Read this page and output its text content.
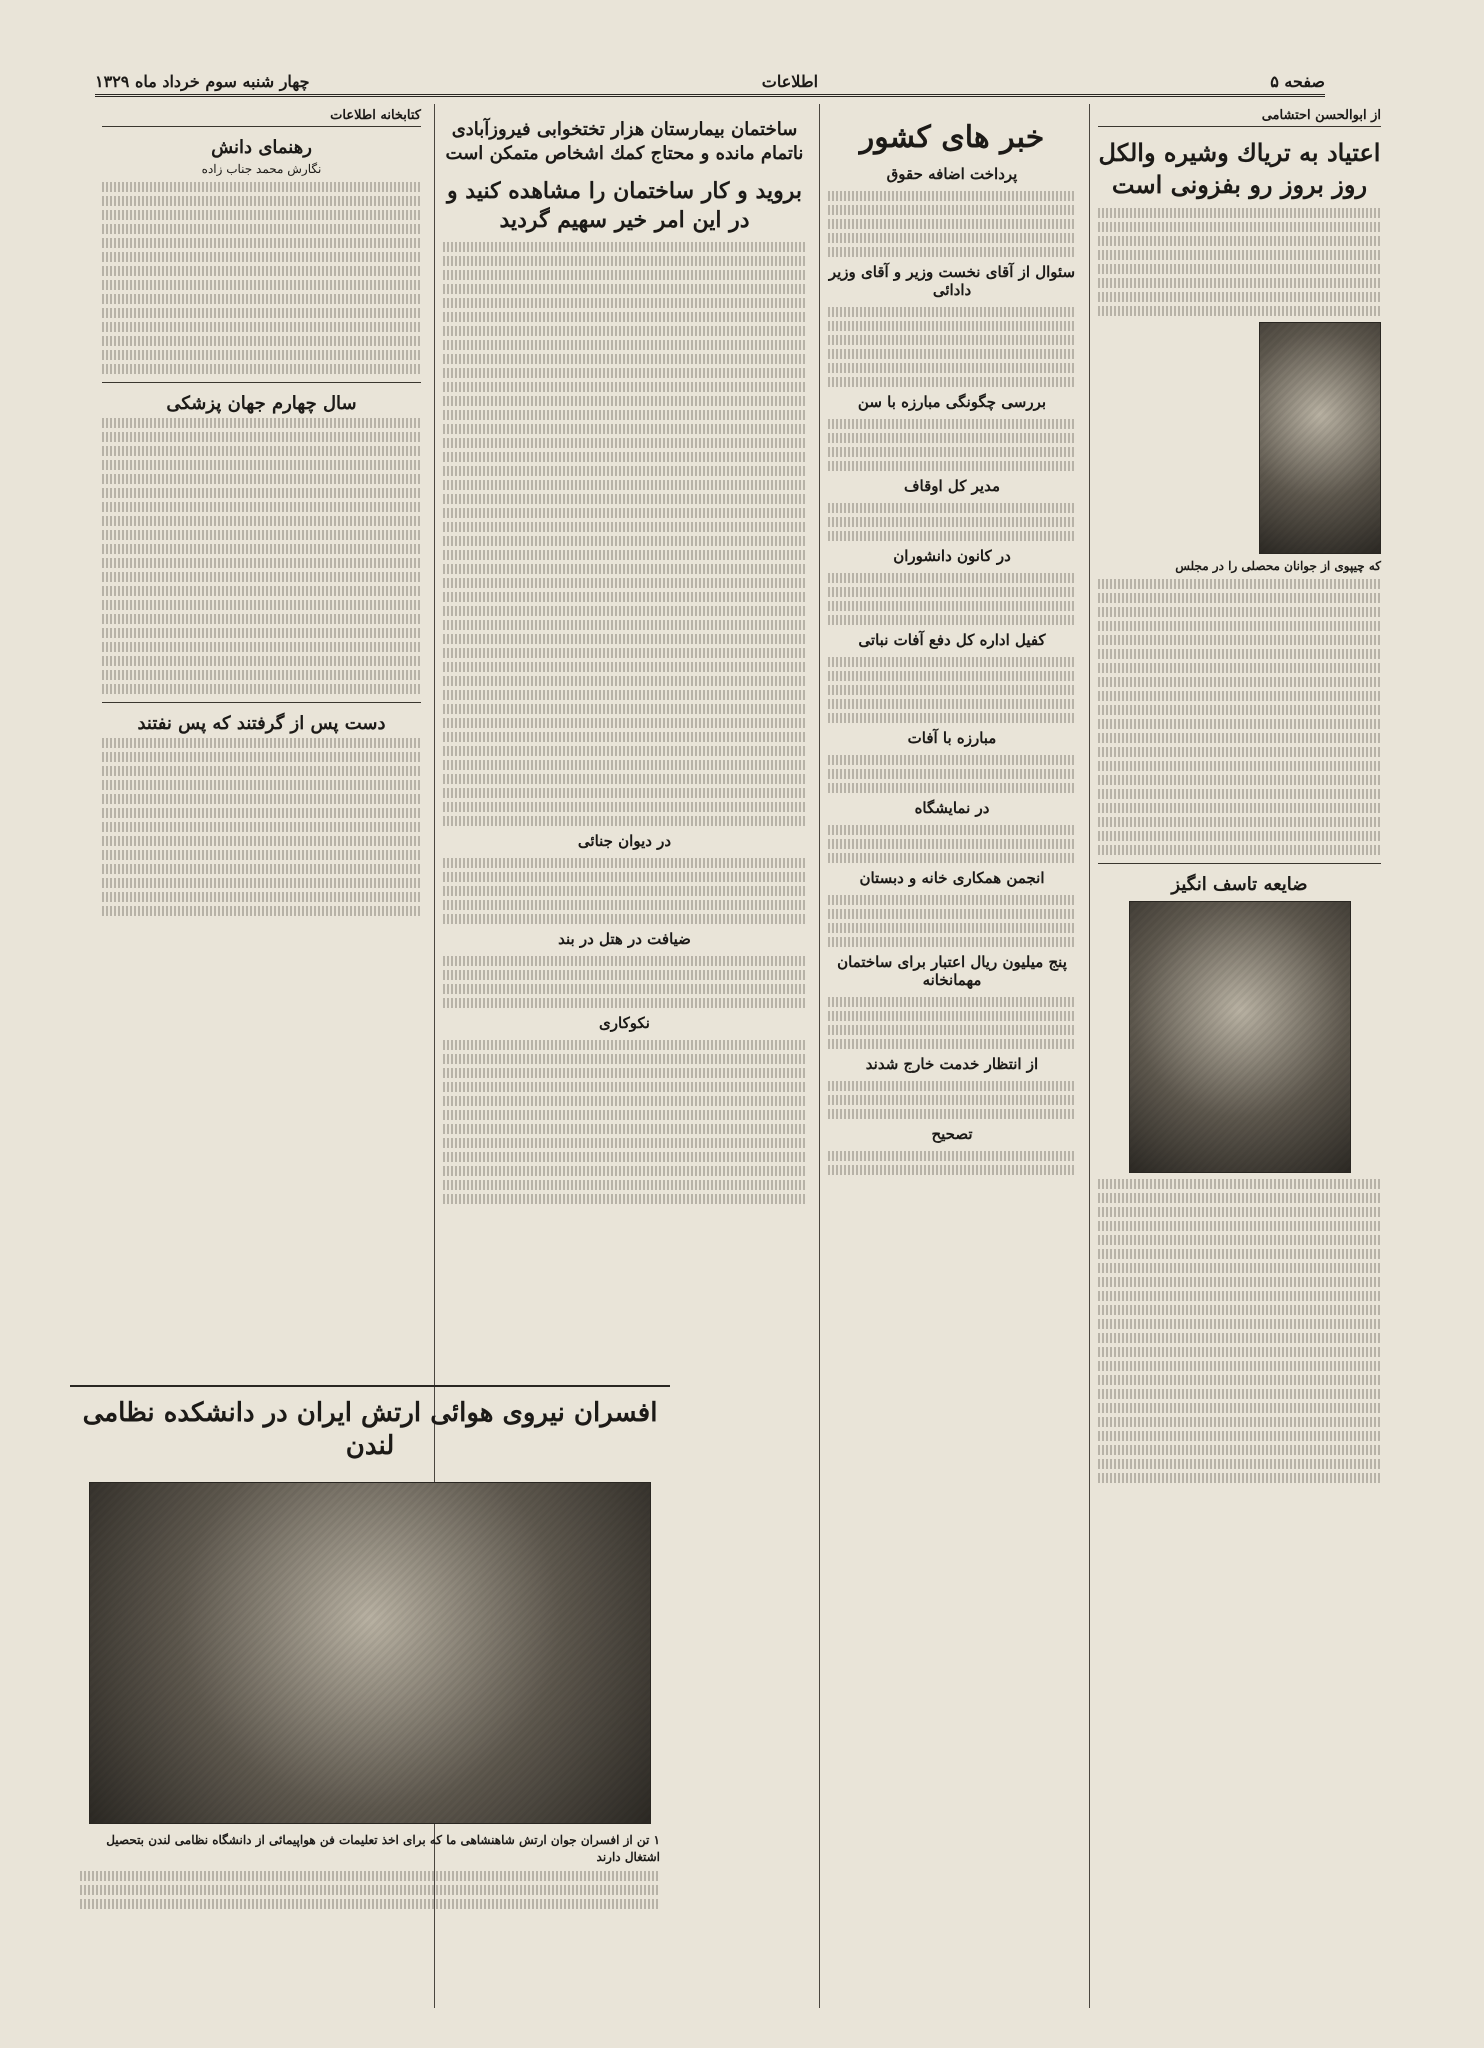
صفحه ۵
اطلاعات
چهار شنبه سوم خرداد ماه ۱۳۲۹
از ابوالحسن احتشامی
اعتیاد به تریاك وشیره والکل روز بروز رو بفزونی است
که چیپوی از جوانان محصلی را در مجلس
ضایعه تاسف انگیز
خبر های کشور
پرداخت اضافه حقوق
سئوال از آقای نخست وزیر و آقای وزیر دادائی
بررسی چگونگی مبارزه با سن
مدیر کل اوقاف
در کانون دانشوران
کفیل اداره کل دفع آفات نباتی
مبارزه با آفات
در نمایشگاه
انجمن همکاری خانه و دبستان
پنج میلیون ریال اعتبار برای ساختمان مهمانخانه
از انتظار خدمت خارج شدند
تصحیح
ساختمان بیمارستان هزار تختخوابی فیروزآبادی ناتمام مانده و محتاج کمك اشخاص متمکن است
بروید و کار ساختمان را مشاهده کنید و در این امر خیر سهیم گردید
در دیوان جنائی
ضیافت در هتل در بند
نکوکاری
کتابخانه اطلاعات
رهنمای دانش
نگارش محمد جناب زاده
سال چهارم جهان پزشکی
دست پس از گرفتند که پس نفتند
افسران نیروی هوائی ارتش ایران در دانشکده نظامی لندن
۱ تن از افسران جوان ارتش شاهنشاهی ما که برای اخذ تعلیمات فن هواپیمائی از دانشگاه نظامی لندن بتحصیل اشتغال دارند
